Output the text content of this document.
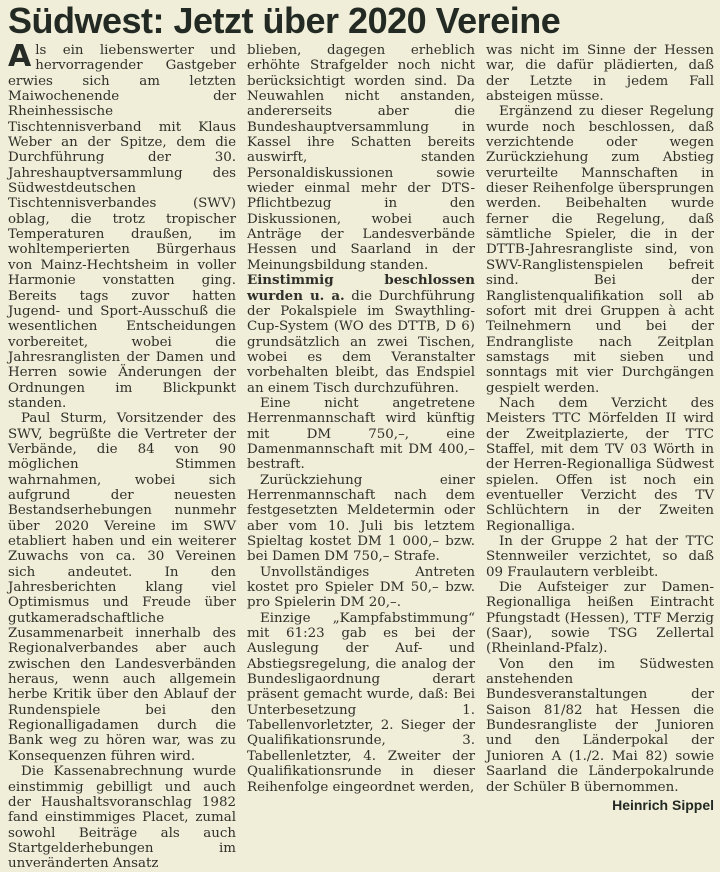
Südwest: Jetzt über 2020 Vereine

Als ein liebenswerter und hervorragender Gastgeber erwies sich am letzten Maiwochenende der Rheinhessische Tischtennisverband mit Klaus Weber an der Spitze, dem die Durchführung der 30. Jahreshauptversammlung des Südwestdeutschen Tischtennisverbandes (SWV) oblag, die trotz tropischer Temperaturen draußen, im wohltemperierten Bürgerhaus von Mainz-Hechtsheim in voller Harmonie vonstatten ging. Bereits tags zuvor hatten Jugend- und Sport-Ausschuß die wesentlichen Entscheidungen vorbereitet, wobei die Jahresranglisten der Damen und Herren sowie Änderungen der Ordnungen im Blickpunkt standen.

Paul Sturm, Vorsitzender des SWV, begrüßte die Vertreter der Verbände, die 84 von 90 möglichen Stimmen wahrnahmen, wobei sich aufgrund der neuesten Bestandserhebungen nunmehr über 2020 Vereine im SWV etabliert haben und ein weiterer Zuwachs von ca. 30 Vereinen sich andeutet. In den Jahresberichten klang viel Optimismus und Freude über gutkameradschaftliche Zusammenarbeit innerhalb des Regionalverbandes aber auch zwischen den Landesverbänden heraus, wenn auch allgemein herbe Kritik über den Ablauf der Rundenspiele bei den Regionalligadamen durch die Bank weg zu hören war, was zu Konsequenzen führen wird.

Die Kassenabrechnung wurde einstimmig gebilligt und auch der Haushaltsvoranschlag 1982 fand einstimmiges Placet, zumal sowohl Beiträge als auch Startgelderhebungen im unveränderten Ansatz

blieben, dagegen erheblich erhöhte Strafgelder noch nicht berücksichtigt worden sind. Da Neuwahlen nicht anstanden, andererseits aber die Bundeshauptversammlung in Kassel ihre Schatten bereits auswirft, standen Personaldiskussionen sowie wieder einmal mehr der DTS-Pflichtbezug in den Diskussionen, wobei auch Anträge der Landesverbände Hessen und Saarland in der Meinungsbildung standen.

Einstimmig beschlossen wurden u. a. die Durchführung der Pokalspiele im Swaythling-Cup-System (WO des DTTB, D 6) grundsätzlich an zwei Tischen, wobei es dem Veranstalter vorbehalten bleibt, das Endspiel an einem Tisch durchzuführen.

Eine nicht angetretene Herrenmannschaft wird künftig mit DM 750,–, eine Damenmannschaft mit DM 400,– bestraft.

Zurückziehung einer Herrenmannschaft nach dem festgesetzten Meldetermin oder aber vom 10. Juli bis letztem Spieltag kostet DM 1 000,– bzw. bei Damen DM 750,– Strafe.

Unvollständiges Antreten kostet pro Spieler DM 50,– bzw. pro Spielerin DM 20,–.

Einzige „Kampfabstimmung“ mit 61:23 gab es bei der Auslegung der Auf- und Abstiegsregelung, die analog der Bundesligaordnung derart präsent gemacht wurde, daß: Bei Unterbesetzung 1. Tabellenvorletzter, 2. Sieger der Qualifikationsrunde, 3. Tabellenletzter, 4. Zweiter der Qualifikationsrunde in dieser Reihenfolge eingeordnet werden,

was nicht im Sinne der Hessen war, die dafür plädierten, daß der Letzte in jedem Fall absteigen müsse.

Ergänzend zu dieser Regelung wurde noch beschlossen, daß verzichtende oder wegen Zurückziehung zum Abstieg verurteilte Mannschaften in dieser Reihenfolge übersprungen werden. Beibehalten wurde ferner die Regelung, daß sämtliche Spieler, die in der DTTB-Jahresrangliste sind, von SWV-Ranglistenspielen befreit sind. Bei der Ranglistenqualifikation soll ab sofort mit drei Gruppen à acht Teilnehmern und bei der Endrangliste nach Zeitplan samstags mit sieben und sonntags mit vier Durchgängen gespielt werden.

Nach dem Verzicht des Meisters TTC Mörfelden II wird der Zweitplazierte, der TTC Staffel, mit dem TV 03 Wörth in der Herren-Regionalliga Südwest spielen. Offen ist noch ein eventueller Verzicht des TV Schlüchtern in der Zweiten Regionalliga.

In der Gruppe 2 hat der TTC Stennweiler verzichtet, so daß 09 Fraulautern verbleibt.

Die Aufsteiger zur Damen-Regionalliga heißen Eintracht Pfungstadt (Hessen), TTF Merzig (Saar), sowie TSG Zellertal (Rheinland-Pfalz).

Von den im Südwesten anstehenden Bundesveranstaltungen der Saison 81/82 hat Hessen die Bundesrangliste der Junioren und den Länderpokal der Junioren A (1./2. Mai 82) sowie Saarland die Länderpokalrunde der Schüler B übernommen.

Heinrich Sippel
